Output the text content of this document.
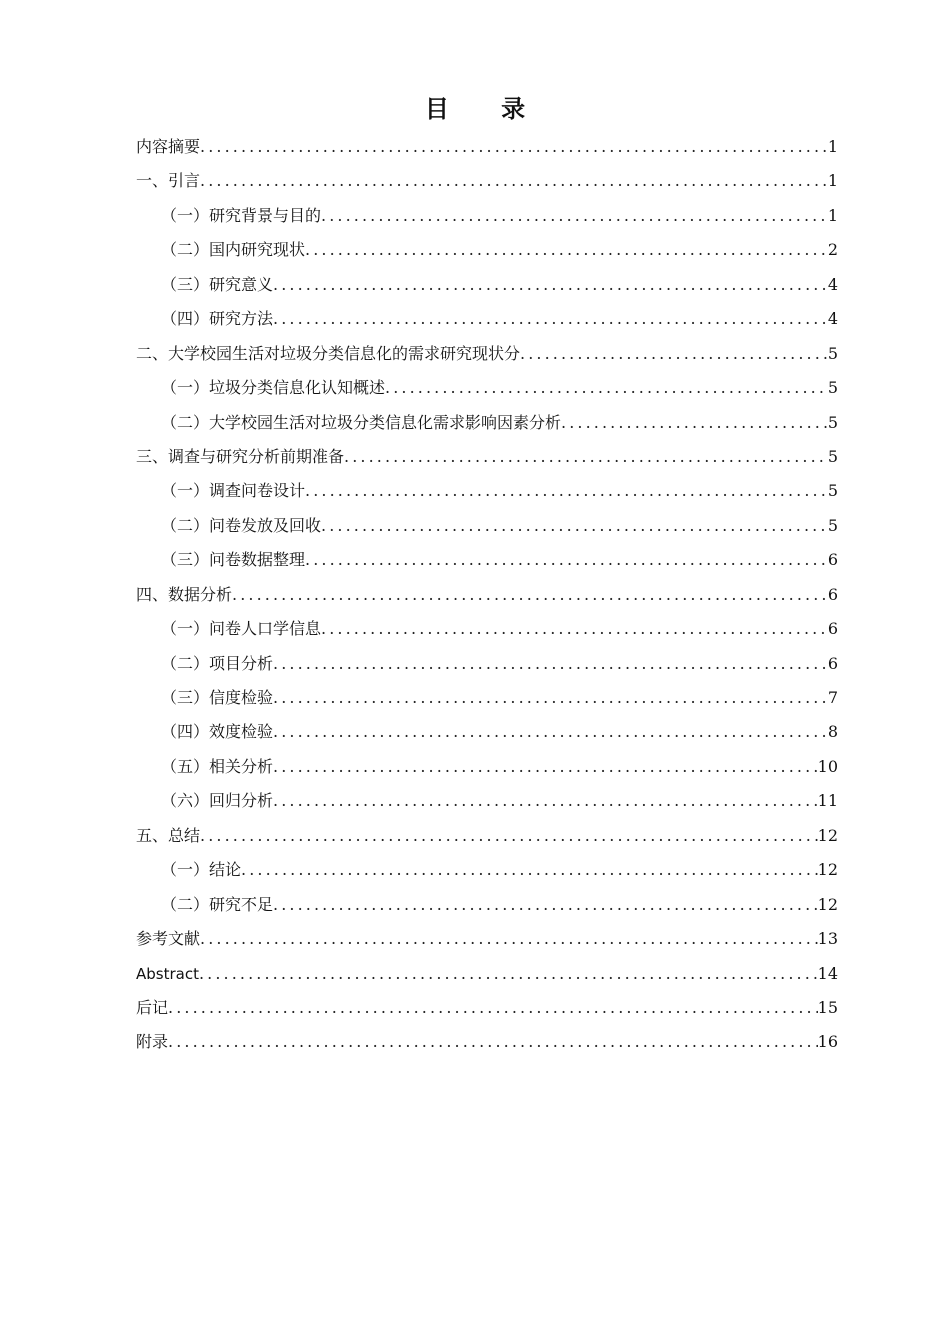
目 录
内容摘要 .....	1
一、引言 .....	1
（一）研究背景与目的 .....	1
（二）国内研究现状 .....	2
（三）研究意义 .....	4
（四）研究方法 .....	4
二、大学校园生活对垃圾分类信息化的需求研究现状分 .....	5
（一）垃圾分类信息化认知概述 .....	5
（二）大学校园生活对垃圾分类信息化需求影响因素分析 .....	5
三、调查与研究分析前期准备 .....	5
（一）调查问卷设计 .....	5
（二）问卷发放及回收 .....	5
（三）问卷数据整理 .....	6
四、数据分析 .....	6
（一）问卷人口学信息 .....	6
（二）项目分析 .....	6
（三）信度检验 .....	7
（四）效度检验 .....	8
（五）相关分析 .....	10
（六）回归分析 .....	11
五、总结 .....	12
（一）结论 .....	12
（二）研究不足 .....	12
参考文献 .....	13
Abstract .....	14
后记 .....	15
附录 .....	16
